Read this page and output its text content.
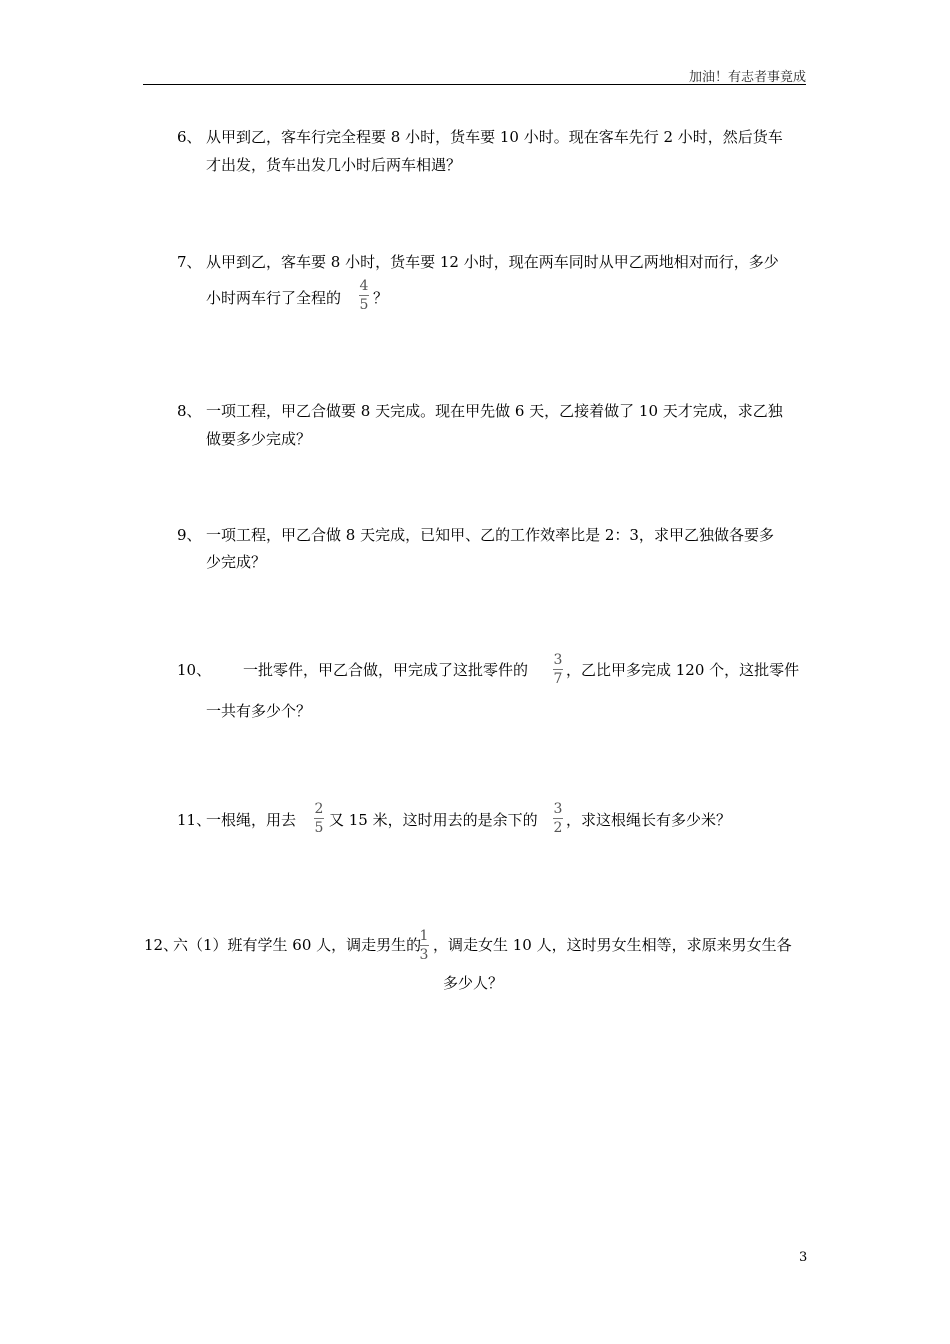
加油！有志者事竟成
6、 从甲到乙，客车行完全程要 8 小时，货车要 10 小时。现在客车先行 2 小时，然后货车
才出发，货车出发几小时后两车相遇？
7、 从甲到乙，客车要 8 小时，货车要 12 小时，现在两车同时从甲乙两地相对而行，多少
小时两车行了全程的
4
5 ？
8、 一项工程，甲乙合做要 8 天完成。现在甲先做 6 天，乙接着做了 10 天才完成，求乙独
做要多少完成？
9、 一项工程，甲乙合做 8 天完成，已知甲、乙的工作效率比是 2：3，求甲乙独做各要多
少完成？
10、 一批零件，甲乙合做，甲完成了这批零件的
3
7 ，乙比甲多完成 120 个，这批零件
一共有多少个？
11、
一根绳，用去
2
5 又 15 米，这时用去的是余下的
3
2 ，求这根绳长有多少米？
12、
六（1）班有学生 60 人，调走男生的
1
3
，调走女生 10 人，这时男女生相等，求原来男女生各
多少人？
3
